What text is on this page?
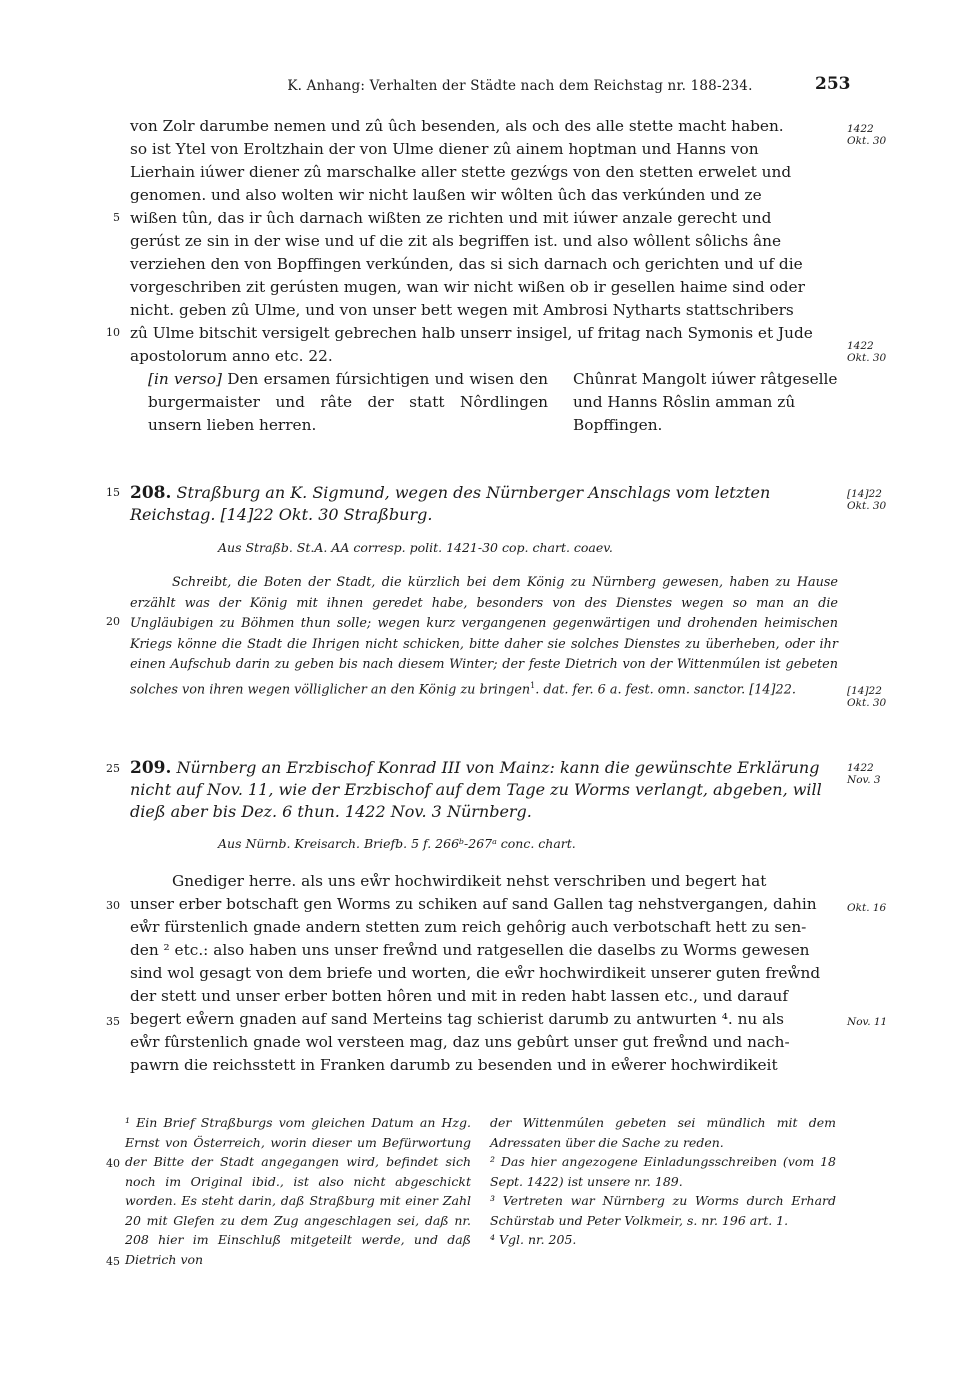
K. Anhang: Verhalten der Städte nach dem Reichstag nr. 188-234.	253

von Zolr darumbe nemen und zû ûch besenden, als och des alle stette macht haben.

so ist Ytel von Eroltzhain der von Ulme diener zû ainem hoptman und Hanns von

Lierhain iúwer diener zû marschalke aller stette gezẃgs von den stetten erwelet und

genomen. und also wolten wir nicht laußen wir wôlten ûch das verkúnden und ze

wißen tûn, das ir ûch darnach wißten ze richten und mit iúwer anzale gerecht und

gerúst ze sin in der wise und uf die zit als begriffen ist. und also wôllent sôlichs âne

verziehen den von Bopffingen verkúnden, das si sich darnach och gerichten und uf die

vorgeschriben zit gerústen mugen, wan wir nicht wißen ob ir gesellen haime sind oder

nicht. geben zû Ulme, und von unser bett wegen mit Ambrosi Nytharts stattschribers

zû Ulme bitschit versigelt gebrechen halb unserr insigel, uf fritag nach Symonis et Jude

apostolorum anno etc. 22.

[in verso] Den ersamen fúrsichtigen und wisen den burgermaister und râte der statt Nôrdlingen unsern lieben herren.
Chûnrat Mangolt iúwer râtgeselle und Hanns Rôslin amman zû Bopffingen.
208. Straßburg an K. Sigmund, wegen des Nürnberger Anschlags vom letzten Reichstag. [14]22 Okt. 30 Straßburg.
Aus Straßb. St.A. AA corresp. polit. 1421-30 cop. chart. coaev.

Schreibt, die Boten der Stadt, die kürzlich bei dem König zu Nürnberg gewesen, haben zu Hause erzählt was der König mit ihnen geredet habe, besonders von des Dienstes wegen so man an die Ungläubigen zu Böhmen thun solle; wegen kurz vergangenen gegenwärtigen und drohenden heimischen Kriegs könne die Stadt die Ihrigen nicht schicken, bitte daher sie solches Dienstes zu überheben, oder ihr einen Aufschub darin zu geben bis nach diesem Winter; der feste Dietrich von der Wittenmúlen ist gebeten solches von ihren wegen völliglicher an den König zu bringen$^1$. dat. fer. 6 a. fest. omn. sanctor. [14]22.

209. Nürnberg an Erzbischof Konrad III von Mainz: kann die gewünschte Erklärung nicht auf Nov. 11, wie der Erzbischof auf dem Tage zu Worms verlangt, abgeben, will dieß aber bis Dez. 6 thun. 1422 Nov. 3 Nürnberg.
Aus Nürnb. Kreisarch. Briefb. 5 f. 266ᵇ-267ᵃ conc. chart.

Gnediger herre. als uns eẘr hochwirdikeit nehst verschriben und begert hat

unser erber botschaft gen Worms zu schiken auf sand Gallen tag nehstvergangen, dahin

eẘr fürstenlich gnade andern stetten zum reich gehôrig auch verbotschaft hett zu sen-

den ² etc.: also haben uns unser freẘnd und ratgesellen die daselbs zu Worms gewesen

sind wol gesagt von dem briefe und worten, die eẘr hochwirdikeit unserer guten freẘnd

der stett und unser erber botten hôren und mit in reden habt lassen etc., und darauf

begert eẘern gnaden auf sand Merteins tag schierist darumb zu antwurten ⁴. nu als

eẘr fûrstenlich gnade wol versteen mag, daz uns gebûrt unser gut freẘnd und nach-

pawrn die reichsstett in Franken darumb zu besenden und in eẘerer hochwirdikeit

1422
Okt. 30
1422
Okt. 30
[14]22
Okt. 30
[14]22
Okt. 30
1422
Nov. 3
Okt. 16
Nov. 11
5
10
15
20
25
30
35
40
45

¹ Ein Brief Straßburgs vom gleichen Datum an Hzg. Ernst von Österreich, worin dieser um Befürwortung der Bitte der Stadt angegangen wird, befindet sich noch im Original ibid., ist also nicht abgeschickt worden. Es steht darin, daß Straßburg mit einer Zahl 20 mit Glefen zu dem Zug angeschlagen sei, daß nr. 208 hier im Einschluß mitgeteilt werde, und daß Dietrich von

der Wittenmúlen gebeten sei mündlich mit dem Adressaten über die Sache zu reden.

² Das hier angezogene Einladungsschreiben (vom 18 Sept. 1422) ist unsere nr. 189.

³ Vertreten war Nürnberg zu Worms durch Erhard Schürstab und Peter Volkmeir, s. nr. 196 art. 1.

⁴ Vgl. nr. 205.
